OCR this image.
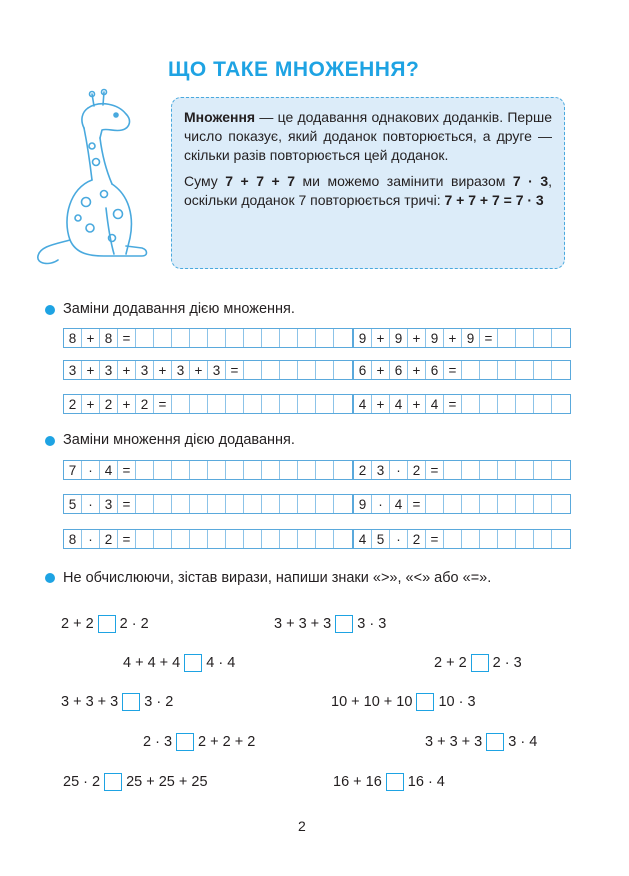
ЩО ТАКЕ МНОЖЕННЯ?

Множення — це додавання однакових доданків. Перше число показує, який доданок повторюється, а друге — скільки разів повторюється цей доданок.

Суму 7 + 7 + 7 ми можемо замінити виразом 7 · 3, оскільки доданок 7 повторюється тричі: 7 + 7 + 7 = 7 · 3

Заміни додавання дією множення.
8 + 8 =	9 + 9 + 9 + 9 =
3 + 3 + 3 + 3 + 3 =	6 + 6 + 6 =
2 + 2 + 2 =	4 + 4 + 4 =
Заміни множення дією додавання.
7 · 4 =	2 3 · 2 =
5 · 3 =	9 · 4 =
8 · 2 =	4 5 · 2 =
Не обчислюючи, зістав вирази, напиши знаки «>», «<» або «=».
2 + 2 2 · 2	3 + 3 + 3 3 · 3
4 + 4 + 4 4 · 4	2 + 2 2 · 3
3 + 3 + 3 3 · 2	10 + 10 + 10 10 · 3
2 · 3 2 + 2 + 2	3 + 3 + 3 3 · 4
25 · 2 25 + 25 + 25	16 + 16 16 · 4
2
